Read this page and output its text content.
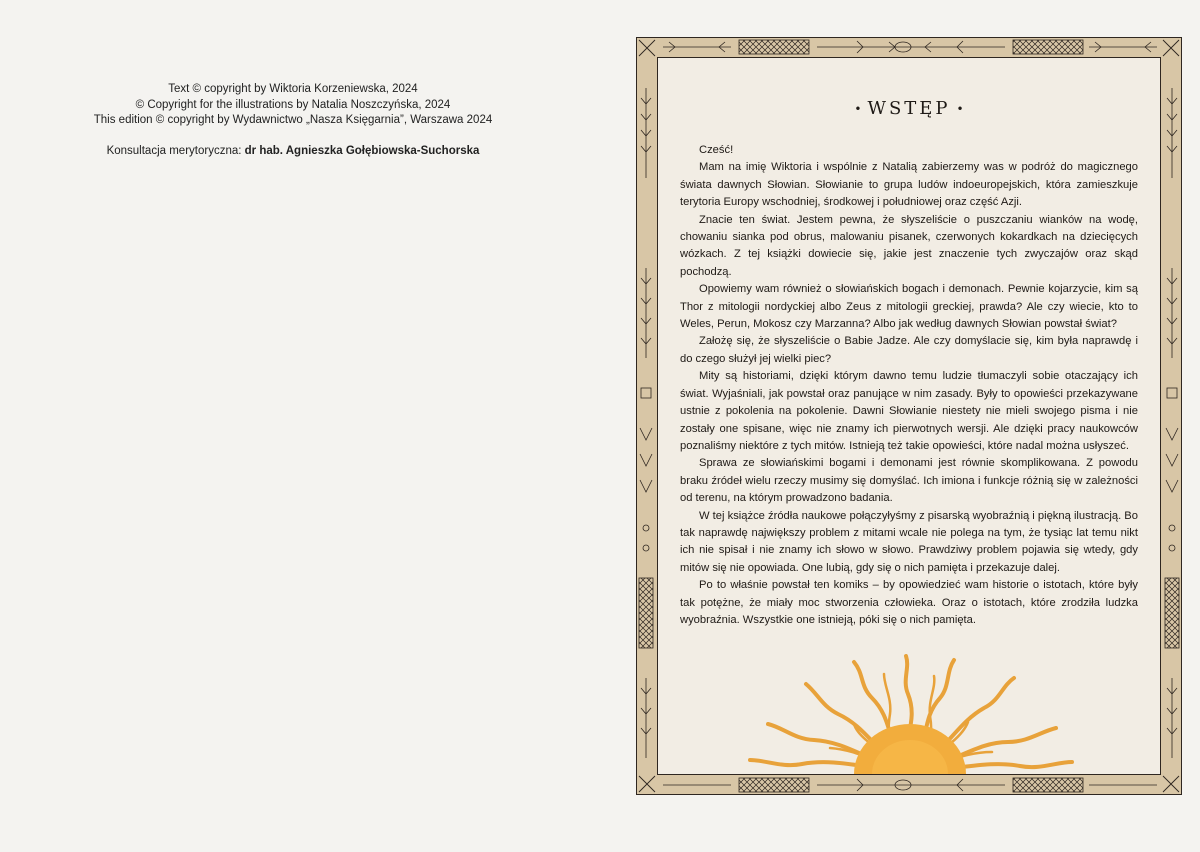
Text © copyright by Wiktoria Korzeniewska, 2024
© Copyright for the illustrations by Natalia Noszczyńska, 2024
This edition © copyright by Wydawnictwo „Nasza Księgarnia”, Warszawa 2024
Konsultacja merytoryczna: dr hab. Agnieszka Gołębiowska-Suchorska
• WSTĘP •

Cześć!

Mam na imię Wiktoria i wspólnie z Natalią zabierzemy was w podróż do magicznego świata dawnych Słowian. Słowianie to grupa ludów indoeuropejskich, która zamieszkuje terytoria Europy wschodniej, środkowej i południowej oraz część Azji.

Znacie ten świat. Jestem pewna, że słyszeliście o puszczaniu wianków na wodę, chowaniu sianka pod obrus, malowaniu pisanek, czerwonych kokardkach na dziecięcych wózkach. Z tej książki dowiecie się, jakie jest znaczenie tych zwyczajów oraz skąd pochodzą.

Opowiemy wam również o słowiańskich bogach i demonach. Pewnie kojarzycie, kim są Thor z mitologii nordyckiej albo Zeus z mitologii greckiej, prawda? Ale czy wiecie, kto to Weles, Perun, Mokosz czy Marzanna? Albo jak według dawnych Słowian powstał świat?

Założę się, że słyszeliście o Babie Jadze. Ale czy domyślacie się, kim była naprawdę i do czego służył jej wielki piec?

Mity są historiami, dzięki którym dawno temu ludzie tłumaczyli sobie otaczający ich świat. Wyjaśniali, jak powstał oraz panujące w nim zasady. Były to opowieści przekazywane ustnie z pokolenia na pokolenie. Dawni Słowianie niestety nie mieli swojego pisma i nie zostały one spisane, więc nie znamy ich pierwotnych wersji. Ale dzięki pracy naukowców poznaliśmy niektóre z tych mitów. Istnieją też takie opowieści, które nadal można usłyszeć.

Sprawa ze słowiańskimi bogami i demonami jest równie skomplikowana. Z powodu braku źródeł wielu rzeczy musimy się domyślać. Ich imiona i funkcje różnią się w zależności od terenu, na którym prowadzono badania.

W tej książce źródła naukowe połączyłyśmy z pisarską wyobraźnią i piękną ilustracją. Bo tak naprawdę największy problem z mitami wcale nie polega na tym, że tysiąc lat temu nikt ich nie spisał i nie znamy ich słowo w słowo. Prawdziwy problem pojawia się wtedy, gdy mitów się nie opowiada. One lubią, gdy się o nich pamięta i przekazuje dalej.

Po to właśnie powstał ten komiks – by opowiedzieć wam historie o istotach, które były tak potężne, że miały moc stworzenia człowieka. Oraz o istotach, które zrodziła ludzka wyobraźnia. Wszystkie one istnieją, póki się o nich pamięta.
